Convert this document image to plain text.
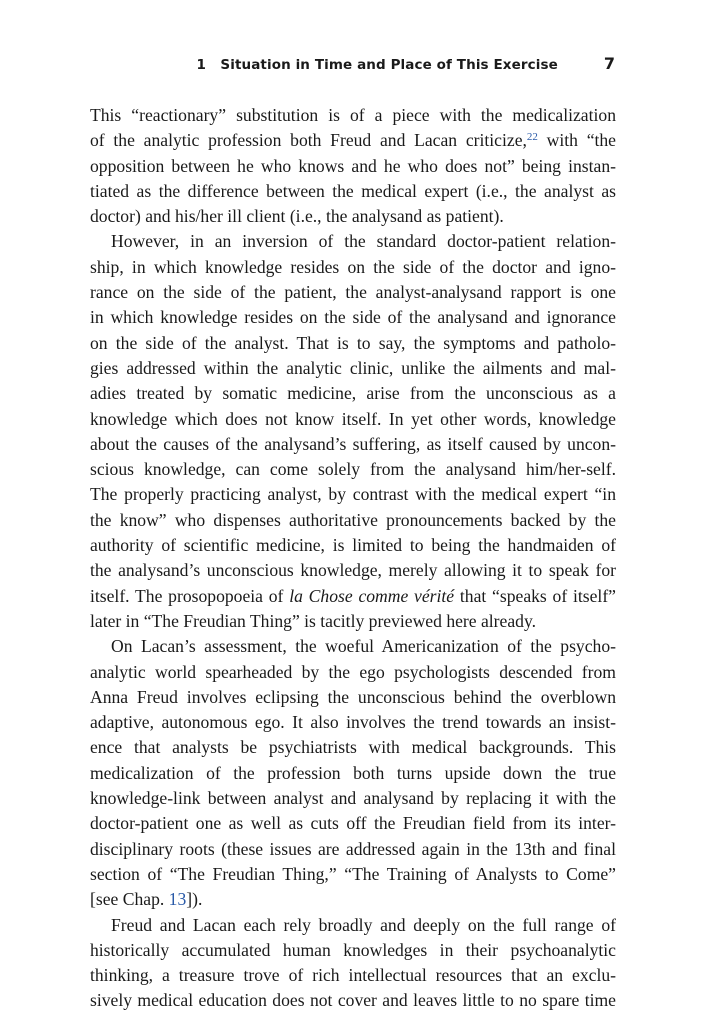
1   Situation in Time and Place of This Exercise	7
This “reactionary” substitution is of a piece with the medicalization
of the analytic profession both Freud and Lacan criticize,$^{22}$ with “the
opposition between he who knows and he who does not” being instan-
tiated as the difference between the medical expert (i.e., the analyst as
doctor) and his/her ill client (i.e., the analysand as patient).
However, in an inversion of the standard doctor-patient relation-
ship, in which knowledge resides on the side of the doctor and igno-
rance on the side of the patient, the analyst-analysand rapport is one
in which knowledge resides on the side of the analysand and ignorance
on the side of the analyst. That is to say, the symptoms and patholo-
gies addressed within the analytic clinic, unlike the ailments and mal-
adies treated by somatic medicine, arise from the unconscious as a
knowledge which does not know itself. In yet other words, knowledge
about the causes of the analysand’s suffering, as itself caused by uncon-
scious knowledge, can come solely from the analysand him/her-self.
The properly practicing analyst, by contrast with the medical expert “in
the know” who dispenses authoritative pronouncements backed by the
authority of scientific medicine, is limited to being the handmaiden of
the analysand’s unconscious knowledge, merely allowing it to speak for
itself. The prosopopoeia of la Chose comme vérité that “speaks of itself”
later in “The Freudian Thing” is tacitly previewed here already.
On Lacan’s assessment, the woeful Americanization of the psycho-
analytic world spearheaded by the ego psychologists descended from
Anna Freud involves eclipsing the unconscious behind the overblown
adaptive, autonomous ego. It also involves the trend towards an insist-
ence that analysts be psychiatrists with medical backgrounds. This
medicalization of the profession both turns upside down the true
knowledge-link between analyst and analysand by replacing it with the
doctor-patient one as well as cuts off the Freudian field from its inter-
disciplinary roots (these issues are addressed again in the 13th and final
section of “The Freudian Thing,” “The Training of Analysts to Come”
[see Chap. 13]).
Freud and Lacan each rely broadly and deeply on the full range of
historically accumulated human knowledges in their psychoanalytic
thinking, a treasure trove of rich intellectual resources that an exclu-
sively medical education does not cover and leaves little to no spare time
